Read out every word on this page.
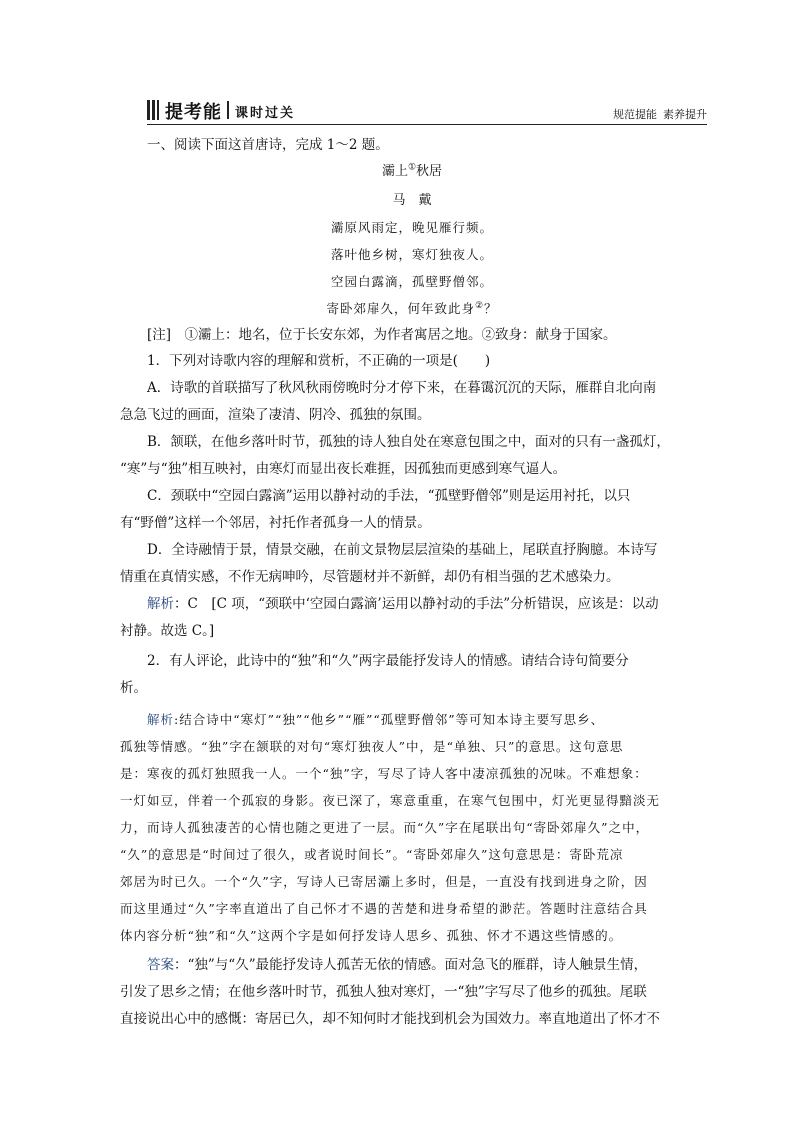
提考能 课时过关	规范提能 素养提升
一、阅读下面这首唐诗，完成 1～2 题。
灞上①秋居
马　戴
灞原风雨定，晚见雁行频。
落叶他乡树，寒灯独夜人。
空园白露滴，孤壁野僧邻。
寄卧郊扉久，何年致此身②？
[注]　①灞上：地名，位于长安东郊，为作者寓居之地。②致身：献身于国家。
1．下列对诗歌内容的理解和赏析，不正确的一项是(　　)
A．诗歌的首联描写了秋风秋雨傍晚时分才停下来，在暮霭沉沉的天际，雁群自北向南
急急飞过的画面，渲染了凄清、阴冷、孤独的氛围。
B．颔联，在他乡落叶时节，孤独的诗人独自处在寒意包围之中，面对的只有一盏孤灯，
“寒”与“独”相互映衬，由寒灯而显出夜长难捱，因孤独而更感到寒气逼人。
C．颈联中“空园白露滴”运用以静衬动的手法，“孤壁野僧邻”则是运用衬托，以只
有“野僧”这样一个邻居，衬托作者孤身一人的情景。
D．全诗融情于景，情景交融，在前文景物层层渲染的基础上，尾联直抒胸臆。本诗写
情重在真情实感，不作无病呻吟，尽管题材并不新鲜，却仍有相当强的艺术感染力。
解析：C　[C 项，“颈联中‘空园白露滴’运用以静衬动的手法”分析错误，应该是：以动
衬静。故选 C。]
2．有人评论，此诗中的“独”和“久”两字最能抒发诗人的情感。请结合诗句简要分
析。
解析:结合诗中“寒灯”“独”“他乡”“雁”“孤壁野僧邻”等可知本诗主要写思乡、
孤独等情感。“独”字在颔联的对句“寒灯独夜人”中，是“单独、只”的意思。这句意思
是：寒夜的孤灯独照我一人。一个“独”字，写尽了诗人客中凄凉孤独的况味。不难想象：
一灯如豆，伴着一个孤寂的身影。夜已深了，寒意重重，在寒气包围中，灯光更显得黯淡无
力，而诗人孤独凄苦的心情也随之更进了一层。而“久”字在尾联出句“寄卧郊扉久”之中，
“久”的意思是“时间过了很久，或者说时间长”。“寄卧郊扉久”这句意思是：寄卧荒凉
郊居为时已久。一个“久”字，写诗人已寄居灞上多时，但是，一直没有找到进身之阶，因
而这里通过“久”字率直道出了自己怀才不遇的苦楚和进身希望的渺茫。答题时注意结合具
体内容分析“独”和“久”这两个字是如何抒发诗人思乡、孤独、怀才不遇这些情感的。
答案：“独”与“久”最能抒发诗人孤苦无依的情感。面对急飞的雁群，诗人触景生情，
引发了思乡之情；在他乡落叶时节，孤独人独对寒灯，一“独”字写尽了他乡的孤独。尾联
直接说出心中的感慨：寄居已久，却不知何时才能找到机会为国效力。率直地道出了怀才不
